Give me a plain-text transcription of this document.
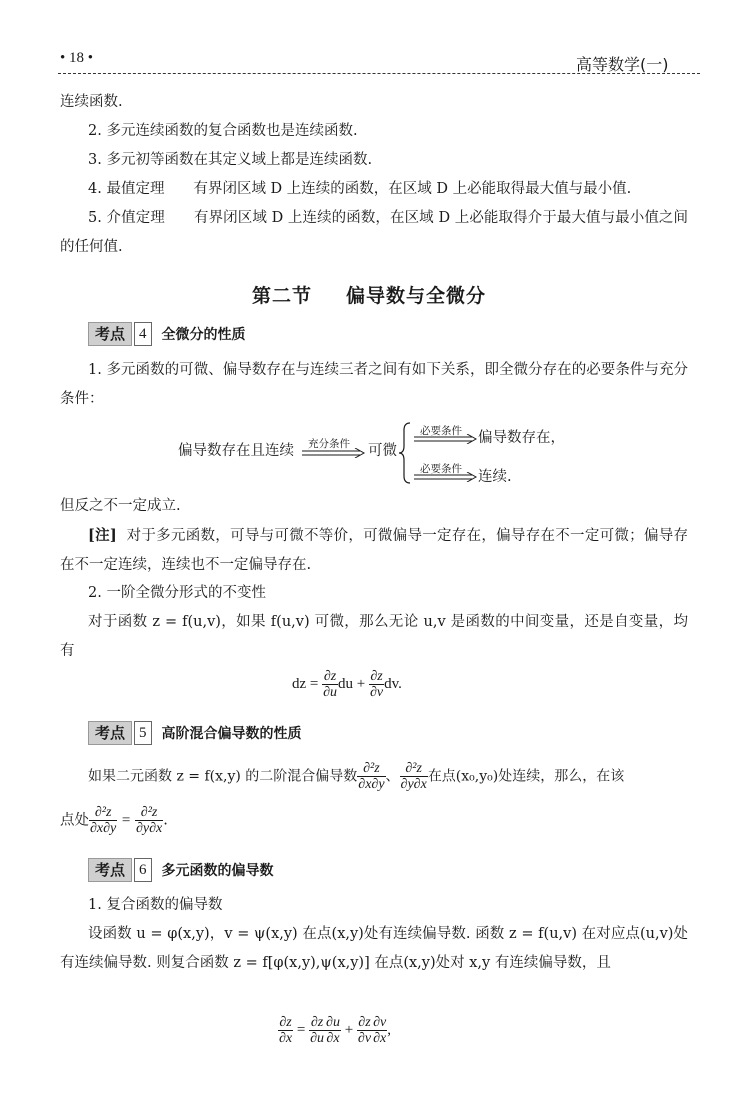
• 18 •	高等数学(一)
连续函数.
2. 多元连续函数的复合函数也是连续函数.
3. 多元初等函数在其定义域上都是连续函数.
4. 最值定理　　有界闭区域 D 上连续的函数，在区域 D 上必能取得最大值与最小值.
5. 介值定理　　有界闭区域 D 上连续的函数，在区域 D 上必能取得介于最大值与最小值之间的任何值.
第二节 偏导数与全微分
考点 4	全微分的性质
1. 多元函数的可微、偏导数存在与连续三者之间有如下关系，即全微分存在的必要条件与充分条件：
偏导数存在且连续 充分条件 可微
必要条件 偏导数存在，
必要条件 连续.
但反之不一定成立.
[注] 对于多元函数，可导与可微不等价，可微偏导一定存在，偏导存在不一定可微；偏导存在不一定连续，连续也不一定偏导存在.
2. 一阶全微分形式的不变性
对于函数 z = f(u,v)，如果 f(u,v) 可微，那么无论 u,v 是函数的中间变量，还是自变量，均有
dz = $\frac{\partial z}{\partial u}$ du + $\frac{\partial z}{\partial v}$ dv.
考点 5	高阶混合偏导数的性质
如果二元函数 z = f(x,y) 的二阶混合偏导数 $\frac{\text{∂²z}}{\partial x\partial y}$ 、 $\frac{\text{∂²z}}{\partial y\partial x}$ 在点(x₀,y₀)处连续，那么，在该
点处 $\frac{\text{∂²z}}{\partial x\partial y} = \frac{\text{∂²z}}{\partial y\partial x}$ .
考点 6	多元函数的偏导数
1. 复合函数的偏导数
设函数 u = φ(x,y)，v = ψ(x,y) 在点(x,y)处有连续偏导数. 函数 z = f(u,v) 在对应点(u,v)处有连续偏导数. 则复合函数 z = f[φ(x,y),ψ(x,y)] 在点(x,y)处对 x,y 有连续偏导数，且
$\frac{\partial z}{\partial x} = \frac{\partial z}{\partial u} \frac{\partial u}{\partial x} + \frac{\partial z}{\partial v} \frac{\partial v}{\partial x}$ ,
